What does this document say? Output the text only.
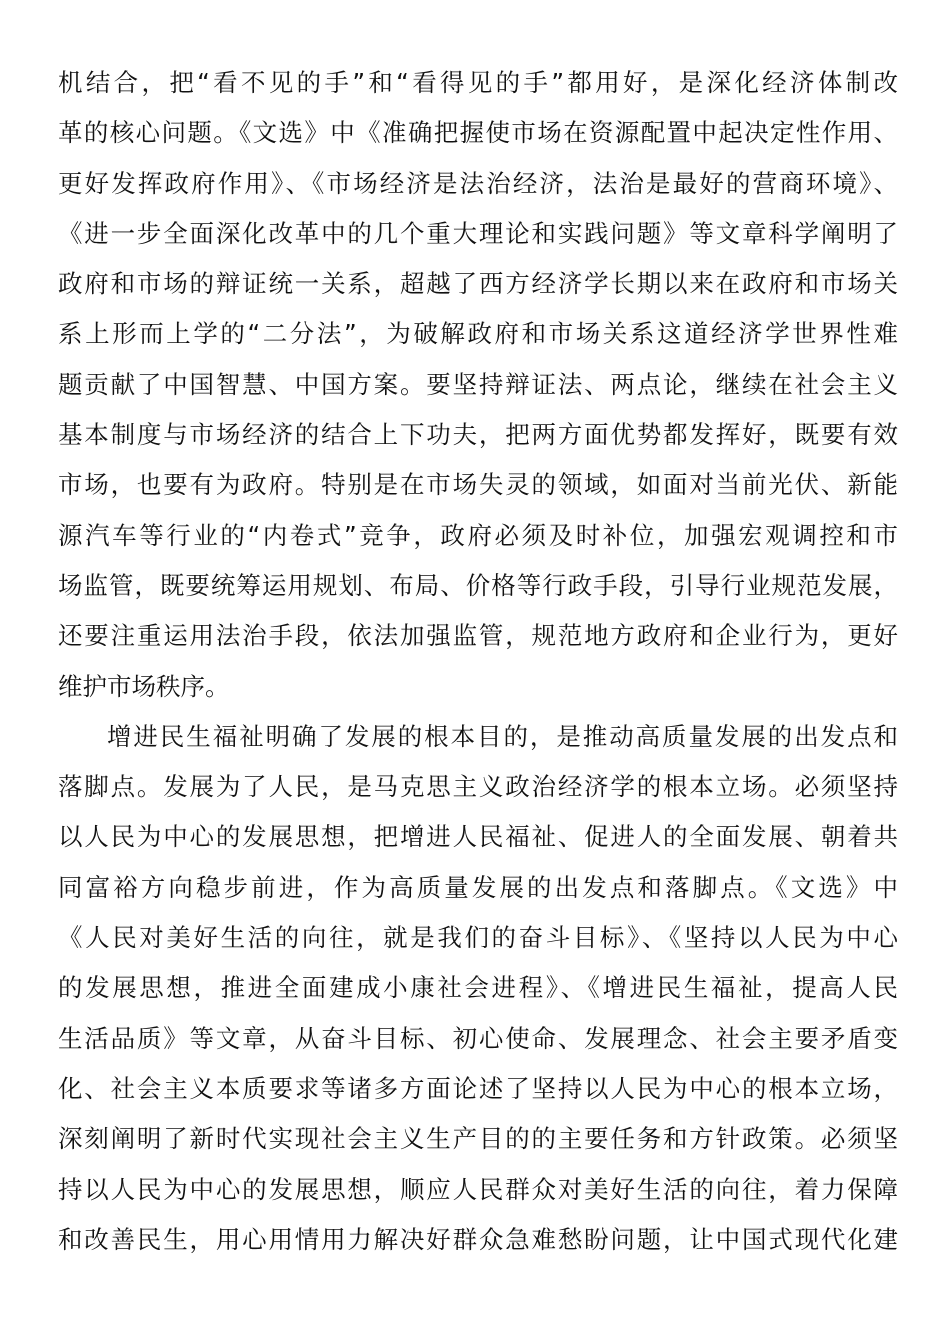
机结合，把“看不见的手”和“看得见的手”都用好，是深化经济体制改
革的核心问题。《文选》中《准确把握使市场在资源配置中起决定性作用、
更好发挥政府作用》、《市场经济是法治经济，法治是最好的营商环境》、
《进一步全面深化改革中的几个重大理论和实践问题》等文章科学阐明了
政府和市场的辩证统一关系，超越了西方经济学长期以来在政府和市场关
系上形而上学的“二分法”，为破解政府和市场关系这道经济学世界性难
题贡献了中国智慧、中国方案。要坚持辩证法、两点论，继续在社会主义
基本制度与市场经济的结合上下功夫，把两方面优势都发挥好，既要有效
市场，也要有为政府。特别是在市场失灵的领域，如面对当前光伏、新能
源汽车等行业的“内卷式”竞争，政府必须及时补位，加强宏观调控和市
场监管，既要统筹运用规划、布局、价格等行政手段，引导行业规范发展，
还要注重运用法治手段，依法加强监管，规范地方政府和企业行为，更好
维护市场秩序。
增进民生福祉明确了发展的根本目的，是推动高质量发展的出发点和
落脚点。发展为了人民，是马克思主义政治经济学的根本立场。必须坚持
以人民为中心的发展思想，把增进人民福祉、促进人的全面发展、朝着共
同富裕方向稳步前进，作为高质量发展的出发点和落脚点。《文选》中
《人民对美好生活的向往，就是我们的奋斗目标》、《坚持以人民为中心
的发展思想，推进全面建成小康社会进程》、《增进民生福祉，提高人民
生活品质》等文章，从奋斗目标、初心使命、发展理念、社会主要矛盾变
化、社会主义本质要求等诸多方面论述了坚持以人民为中心的根本立场，
深刻阐明了新时代实现社会主义生产目的的主要任务和方针政策。必须坚
持以人民为中心的发展思想，顺应人民群众对美好生活的向往，着力保障
和改善民生，用心用情用力解决好群众急难愁盼问题，让中国式现代化建
